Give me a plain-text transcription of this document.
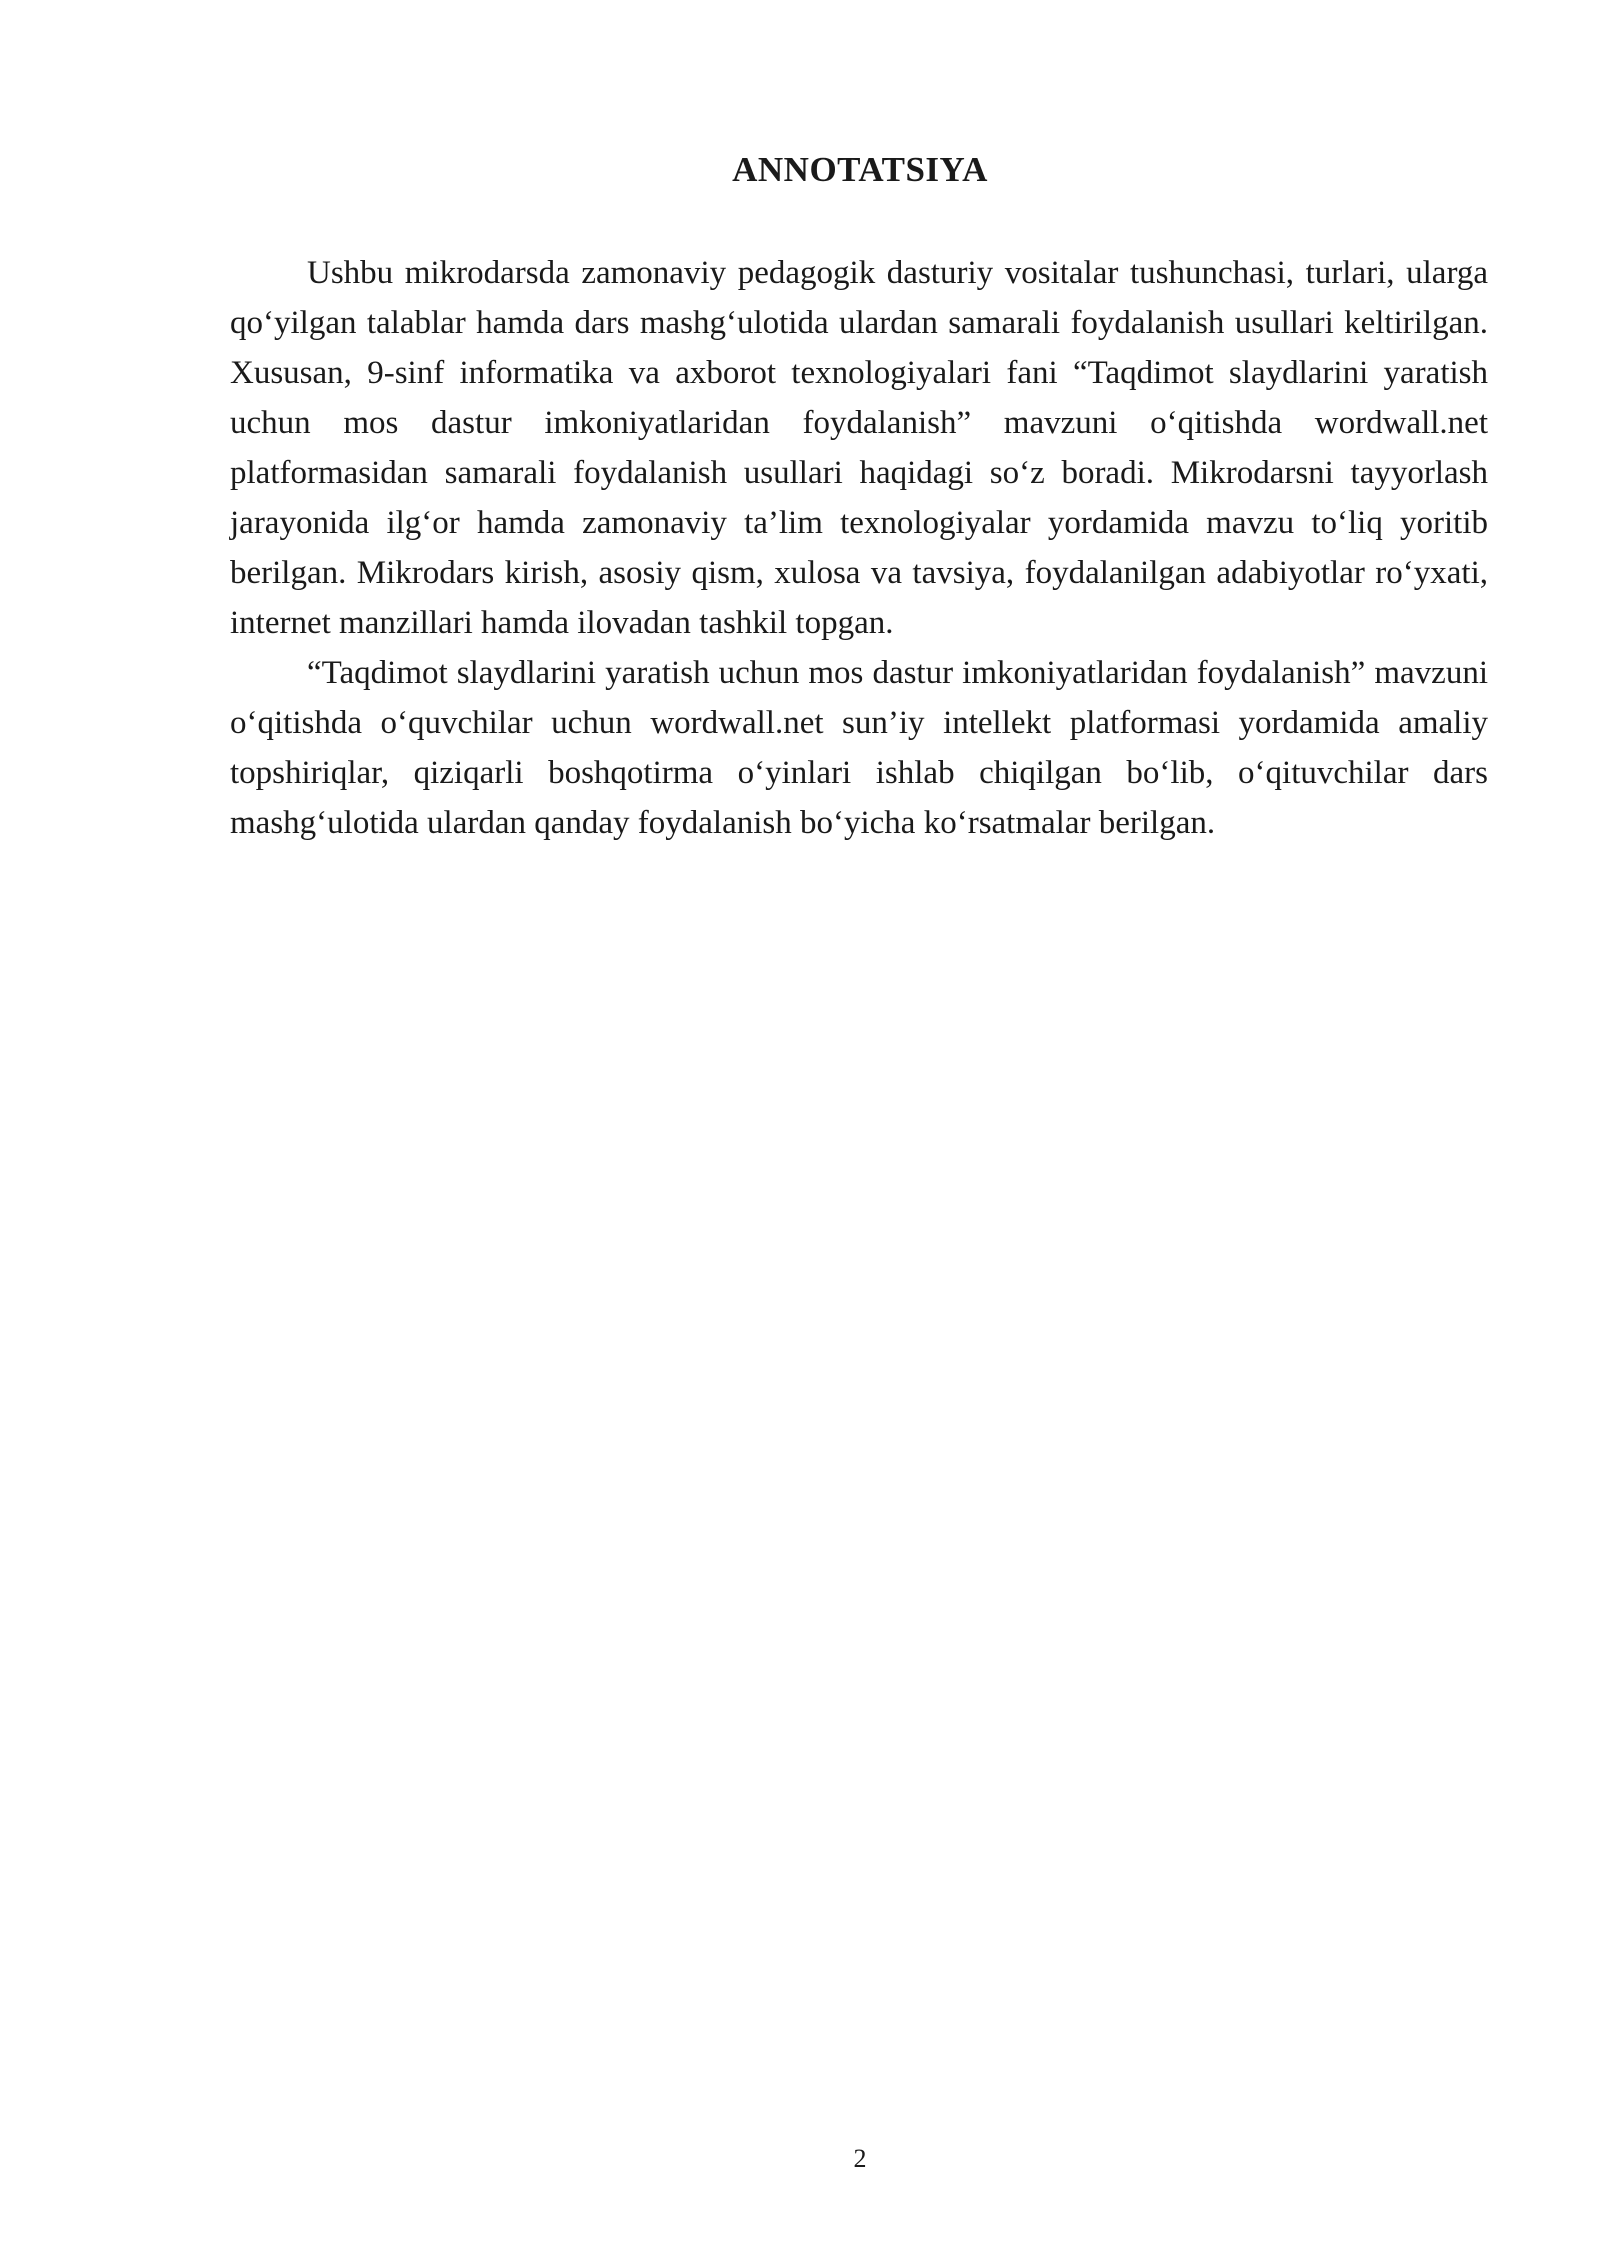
ANNOTATSIYA

Ushbu mikrodarsda zamonaviy pedagogik dasturiy vositalar tushunchasi, turlari, ularga qo‘yilgan talablar hamda dars mashg‘ulotida ulardan samarali foydalanish usullari keltirilgan. Xususan, 9-sinf informatika va axborot texnologiyalari fani “Taqdimot slaydlarini yaratish uchun mos dastur imkoniyatlaridan foydalanish” mavzuni o‘qitishda wordwall.net platformasidan samarali foydalanish usullari haqidagi so‘z boradi. Mikrodarsni tayyorlash jarayonida ilg‘or hamda zamonaviy ta’lim texnologiyalar yordamida mavzu to‘liq yoritib berilgan. Mikrodars kirish, asosiy qism, xulosa va tavsiya, foydalanilgan adabiyotlar ro‘yxati, internet manzillari hamda ilovadan tashkil topgan.

“Taqdimot slaydlarini yaratish uchun mos dastur imkoniyatlaridan foydalanish” mavzuni o‘qitishda o‘quvchilar uchun wordwall.net sun’iy intellekt platformasi yordamida amaliy topshiriqlar, qiziqarli boshqotirma o‘yinlari ishlab chiqilgan bo‘lib, o‘qituvchilar dars mashg‘ulotida ulardan qanday foydalanish bo‘yicha ko‘rsatmalar berilgan.

2
